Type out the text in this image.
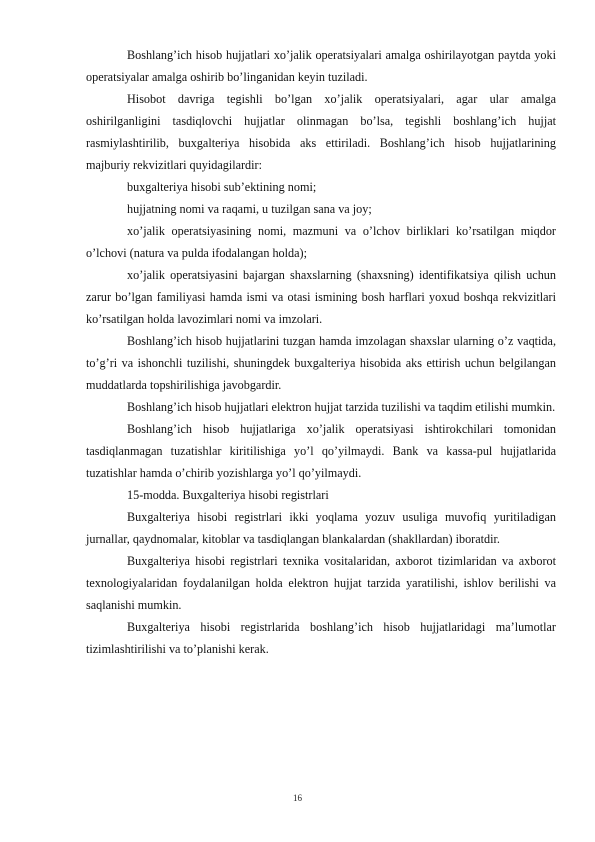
Boshlang’ich hisob hujjatlari xo’jalik operatsiyalari amalga oshirilayotgan paytda yoki operatsiyalar amalga oshirib bo’linganidan keyin tuziladi.

Hisobot davriga tegishli bo’lgan xo’jalik operatsiyalari, agar ular amalga oshirilganligini tasdiqlovchi hujjatlar olinmagan bo’lsa, tegishli boshlang’ich hujjat rasmiylashtirilib, buxgalteriya hisobida aks ettiriladi. Boshlang’ich hisob hujjatlarining majburiy rekvizitlari quyidagilardir:

buxgalteriya hisobi sub’ektining nomi;

hujjatning nomi va raqami, u tuzilgan sana va joy;

xo’jalik operatsiyasining nomi, mazmuni va o’lchov birliklari ko’rsatilgan miqdor o’lchovi (natura va pulda ifodalangan holda);

xo’jalik operatsiyasini bajargan shaxslarning (shaxsning) identifikatsiya qilish uchun zarur bo’lgan familiyasi hamda ismi va otasi ismining bosh harflari yoxud boshqa rekvizitlari ko’rsatilgan holda lavozimlari nomi va imzolari.

Boshlang’ich hisob hujjatlarini tuzgan hamda imzolagan shaxslar ularning o’z vaqtida, to’g’ri va ishonchli tuzilishi, shuningdek buxgalteriya hisobida aks ettirish uchun belgilangan muddatlarda topshirilishiga javobgardir.

Boshlang’ich hisob hujjatlari elektron hujjat tarzida tuzilishi va taqdim etilishi mumkin.

Boshlang’ich hisob hujjatlariga xo’jalik operatsiyasi ishtirokchilari tomonidan tasdiqlanmagan tuzatishlar kiritilishiga yo’l qo’yilmaydi. Bank va kassa-pul hujjatlarida tuzatishlar hamda o’chirib yozishlarga yo’l qo’yilmaydi.

15-modda. Buxgalteriya hisobi registrlari

Buxgalteriya hisobi registrlari ikki yoqlama yozuv usuliga muvofiq yuritiladigan jurnallar, qaydnomalar, kitoblar va tasdiqlangan blankalardan (shakllardan) iboratdir.

Buxgalteriya hisobi registrlari texnika vositalaridan, axborot tizimlaridan va axborot texnologiyalaridan foydalanilgan holda elektron hujjat tarzida yaratilishi, ishlov berilishi va saqlanishi mumkin.

Buxgalteriya hisobi registrlarida boshlang’ich hisob hujjatlaridagi ma’lumotlar tizimlashtirilishi va to’planishi kerak.

16
